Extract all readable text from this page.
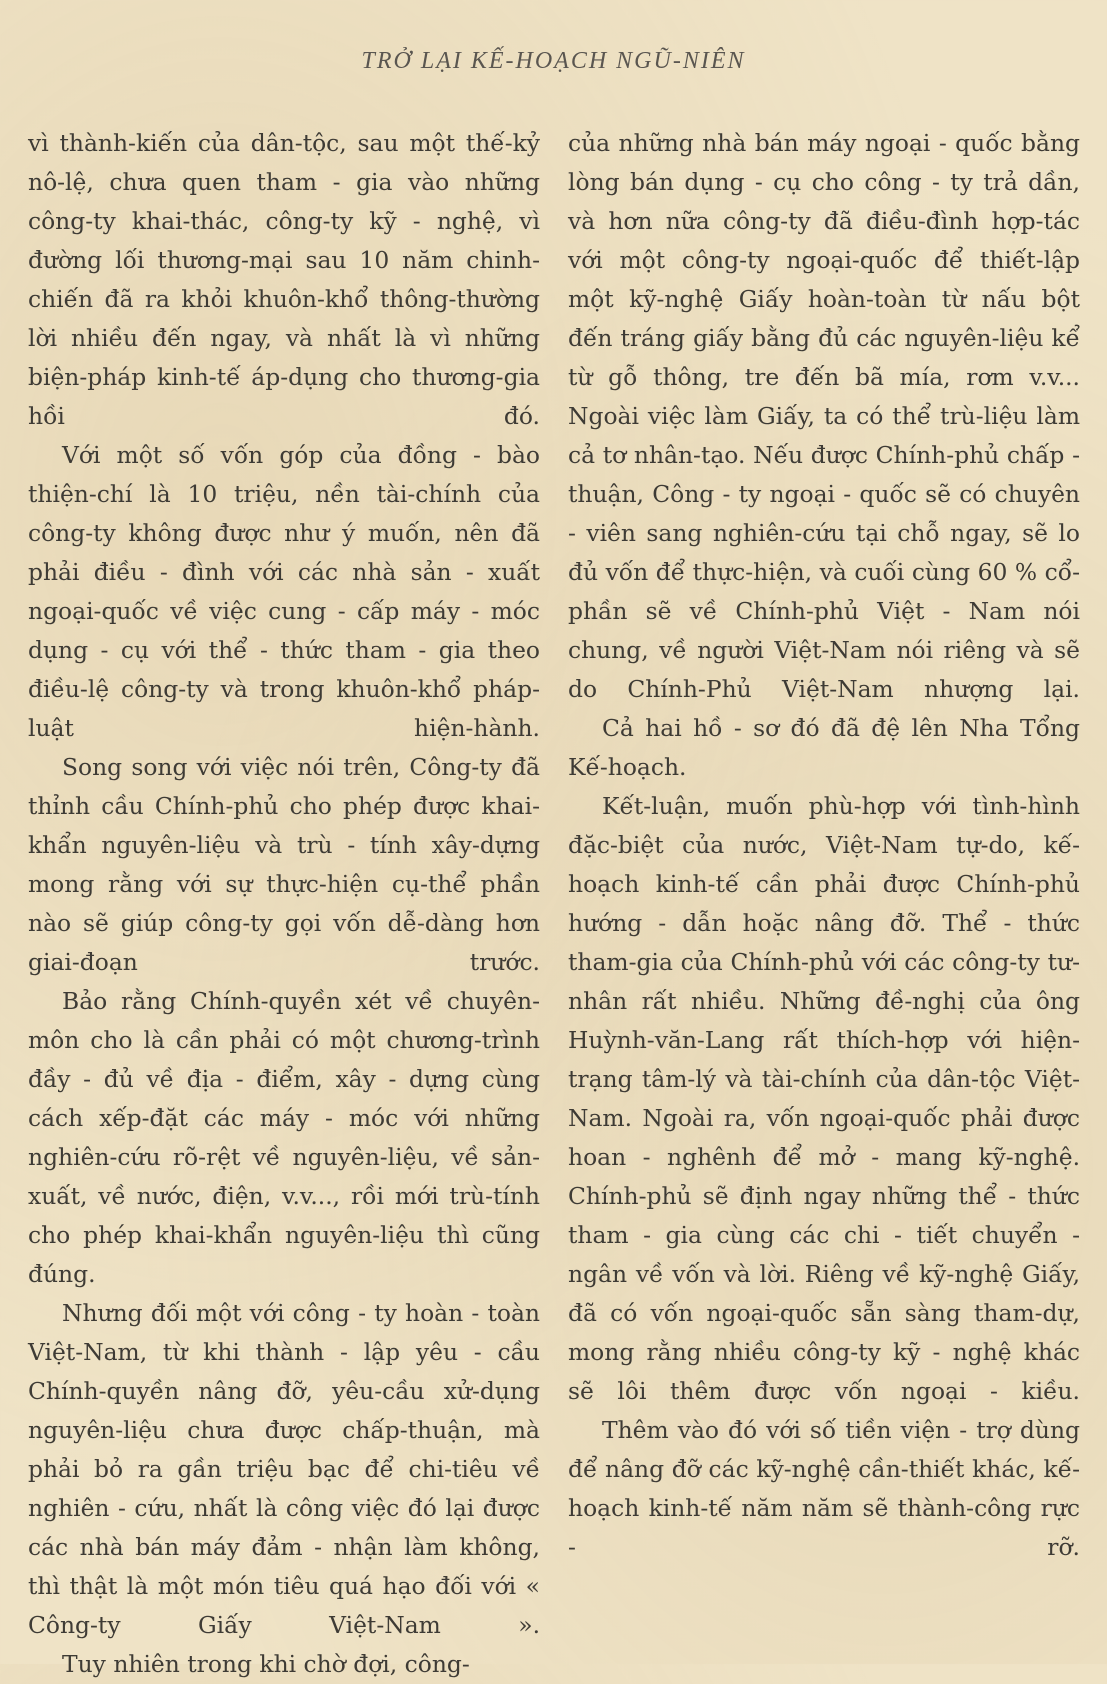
TRỞ LẠI KẾ-HOẠCH NGŨ-NIÊN

vì thành-kiến của dân-tộc, sau một thế-kỷ nô-lệ, chưa quen tham - gia vào những công-ty khai-thác, công-ty kỹ - nghệ, vì đường lối thương-mại sau 10 năm chinh-chiến đã ra khỏi khuôn-khổ thông-thường lời nhiều đến ngay, và nhất là vì những biện-pháp kinh-tế áp-dụng cho thương-gia hồi đó.

Với một số vốn góp của đồng - bào thiện-chí là 10 triệu, nền tài-chính của công-ty không được như ý muốn, nên đã phải điều - đình với các nhà sản - xuất ngoại-quốc về việc cung - cấp máy - móc dụng - cụ với thể - thức tham - gia theo điều-lệ công-ty và trong khuôn-khổ pháp-luật hiện-hành.

Song song với việc nói trên, Công-ty đã thỉnh cầu Chính-phủ cho phép được khai-khẩn nguyên-liệu và trù - tính xây-dựng mong rằng với sự thực-hiện cụ-thể phần nào sẽ giúp công-ty gọi vốn dễ-dàng hơn giai-đoạn trước.

Bảo rằng Chính-quyền xét về chuyên-môn cho là cần phải có một chương-trình đầy - đủ về địa - điểm, xây - dựng cùng cách xếp-đặt các máy - móc với những nghiên-cứu rõ-rệt về nguyên-liệu, về sản-xuất, về nước, điện, v.v..., rồi mới trù-tính cho phép khai-khẩn nguyên-liệu thì cũng đúng.

Nhưng đối một với công - ty hoàn - toàn Việt-Nam, từ khi thành - lập yêu - cầu Chính-quyền nâng đỡ, yêu-cầu xử-dụng nguyên-liệu chưa được chấp-thuận, mà phải bỏ ra gần triệu bạc để chi-tiêu về nghiên - cứu, nhất là công việc đó lại được các nhà bán máy đảm - nhận làm không, thì thật là một món tiêu quá hạo đối với « Công-ty Giấy Việt-Nam ».

Tuy nhiên trong khi chờ đợi, công-

của những nhà bán máy ngoại - quốc bằng lòng bán dụng - cụ cho công - ty trả dần, và hơn nữa công-ty đã điều-đình hợp-tác với một công-ty ngoại-quốc để thiết-lập một kỹ-nghệ Giấy hoàn-toàn từ nấu bột đến tráng giấy bằng đủ các nguyên-liệu kể từ gỗ thông, tre đến bã mía, rơm v.v... Ngoài việc làm Giấy, ta có thể trù-liệu làm cả tơ nhân-tạo. Nếu được Chính-phủ chấp - thuận, Công - ty ngoại - quốc sẽ có chuyên - viên sang nghiên-cứu tại chỗ ngay, sẽ lo đủ vốn để thực-hiện, và cuối cùng 60 % cổ-phần sẽ về Chính-phủ Việt - Nam nói chung, về người Việt-Nam nói riêng và sẽ do Chính-Phủ Việt-Nam nhượng lại.

Cả hai hồ - sơ đó đã đệ lên Nha Tổng Kế-hoạch.

Kết-luận, muốn phù-hợp với tình-hình đặc-biệt của nước, Việt-Nam tự-do, kế-hoạch kinh-tế cần phải được Chính-phủ hướng - dẫn hoặc nâng đỡ. Thể - thức tham-gia của Chính-phủ với các công-ty tư-nhân rất nhiều. Những đề-nghị của ông Huỳnh-văn-Lang rất thích-hợp với hiện-trạng tâm-lý và tài-chính của dân-tộc Việt-Nam. Ngoài ra, vốn ngoại-quốc phải được hoan - nghênh để mở - mang kỹ-nghệ. Chính-phủ sẽ định ngay những thể - thức tham - gia cùng các chi - tiết chuyển - ngân về vốn và lời. Riêng về kỹ-nghệ Giấy, đã có vốn ngoại-quốc sẵn sàng tham-dự, mong rằng nhiều công-ty kỹ - nghệ khác sẽ lôi thêm được vốn ngoại - kiều.

Thêm vào đó với số tiền viện - trợ dùng để nâng đỡ các kỹ-nghệ cần-thiết khác, kế-hoạch kinh-tế năm năm sẽ thành-công rực - rỡ.
